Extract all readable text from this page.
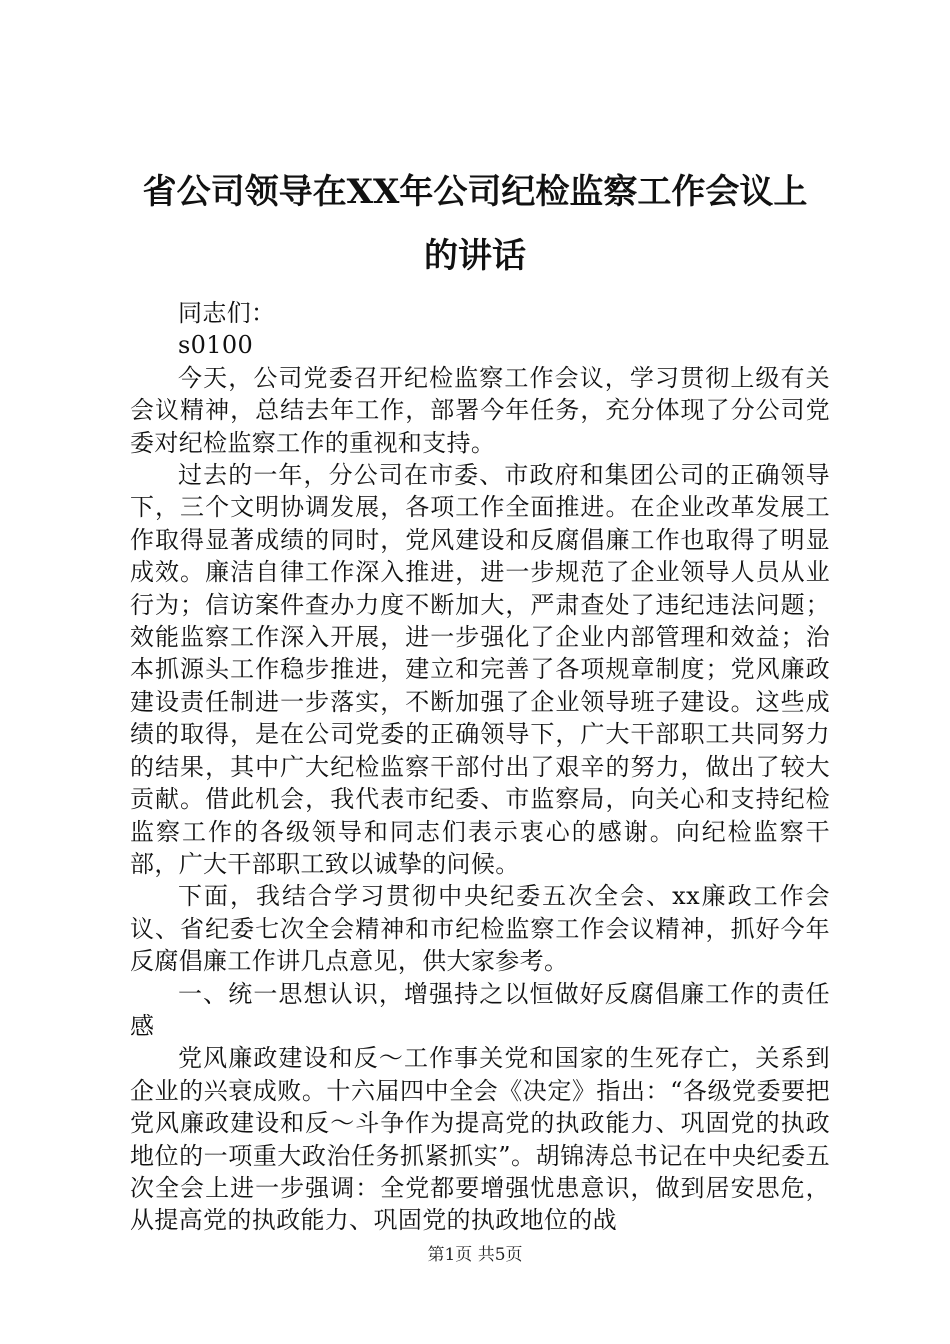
省公司领导在XX年公司纪检监察工作会议上
的讲话

同志们：

s0100

今天，公司党委召开纪检监察工作会议，学习贯彻上级有关会议精神，总结去年工作，部署今年任务，充分体现了分公司党委对纪检监察工作的重视和支持。

过去的一年，分公司在市委、市政府和集团公司的正确领导下，三个文明协调发展，各项工作全面推进。在企业改革发展工作取得显著成绩的同时，党风建设和反腐倡廉工作也取得了明显成效。廉洁自律工作深入推进，进一步规范了企业领导人员从业行为；信访案件查办力度不断加大，严肃查处了违纪违法问题；效能监察工作深入开展，进一步强化了企业内部管理和效益；治本抓源头工作稳步推进，建立和完善了各项规章制度；党风廉政建设责任制进一步落实，不断加强了企业领导班子建设。这些成绩的取得，是在公司党委的正确领导下，广大干部职工共同努力的结果，其中广大纪检监察干部付出了艰辛的努力，做出了较大贡献。借此机会，我代表市纪委、市监察局，向关心和支持纪检监察工作的各级领导和同志们表示衷心的感谢。向纪检监察干部，广大干部职工致以诚挚的问候。

下面，我结合学习贯彻中央纪委五次全会、xx廉政工作会议、省纪委七次全会精神和市纪检监察工作会议精神，抓好今年反腐倡廉工作讲几点意见，供大家参考。

一、统一思想认识，增强持之以恒做好反腐倡廉工作的责任感

党风廉政建设和反～工作事关党和国家的生死存亡，关系到企业的兴衰成败。十六届四中全会《决定》指出：“各级党委要把党风廉政建设和反～斗争作为提高党的执政能力、巩固党的执政地位的一项重大政治任务抓紧抓实”。胡锦涛总书记在中央纪委五次全会上进一步强调：全党都要增强忧患意识，做到居安思危，从提高党的执政能力、巩固党的执政地位的战

第1页 共5页
